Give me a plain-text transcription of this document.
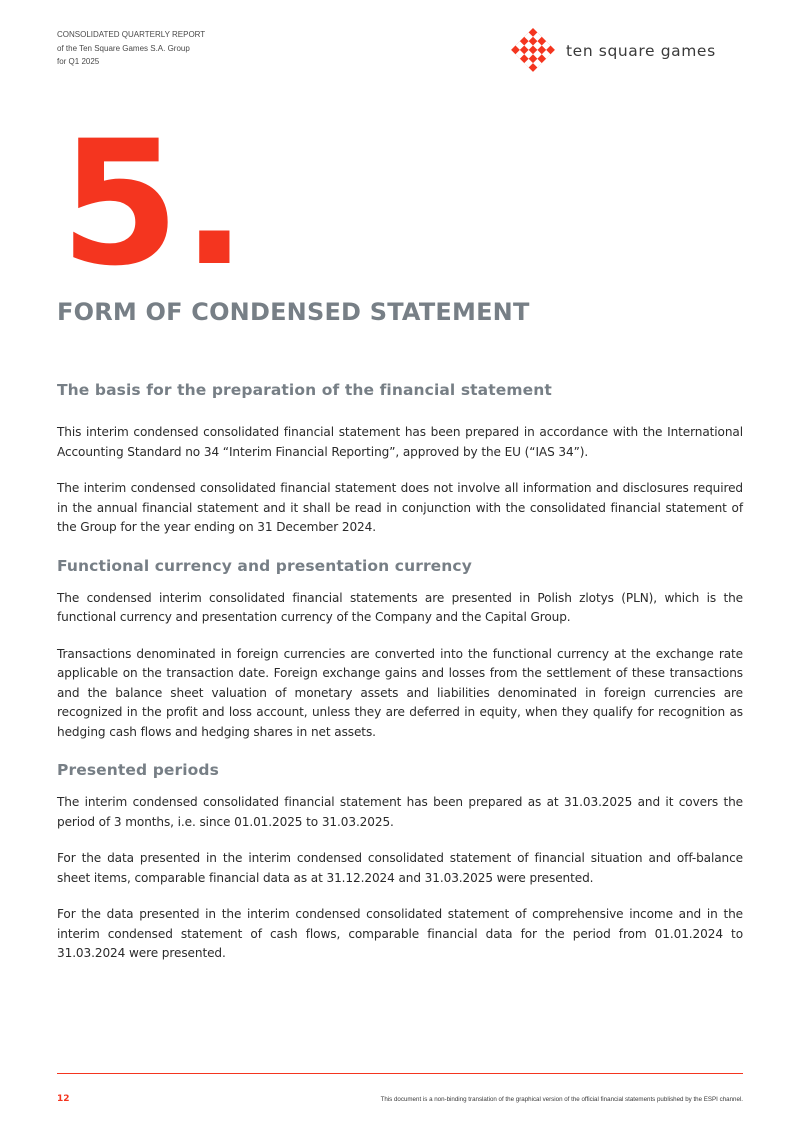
CONSOLIDATED QUARTERLY REPORT
of the Ten Square Games S.A. Group
for Q1 2025
ten square games
5.
FORM OF CONDENSED STATEMENT
The basis for the preparation of the financial statement

This interim condensed consolidated financial statement has been prepared in accordance with the International Accounting Standard no 34 “Interim Financial Reporting”, approved by the EU (“IAS 34”).

The interim condensed consolidated financial statement does not involve all information and disclosures required in the annual financial statement and it shall be read in conjunction with the consolidated financial statement of the Group for the year ending on 31 December 2024.

Functional currency and presentation currency

The condensed interim consolidated financial statements are presented in Polish zlotys (PLN), which is the functional currency and presentation currency of the Company and the Capital Group.

Transactions denominated in foreign currencies are converted into the functional currency at the exchange rate applicable on the transaction date. Foreign exchange gains and losses from the settlement of these transactions and the balance sheet valuation of monetary assets and liabilities denominated in foreign currencies are recognized in the profit and loss account, unless they are deferred in equity, when they qualify for recognition as hedging cash flows and hedging shares in net assets.

Presented periods

The interim condensed consolidated financial statement has been prepared as at 31.03.2025 and it covers the period of 3 months, i.e. since 01.01.2025 to 31.03.2025.

For the data presented in the interim condensed consolidated statement of financial situation and off-balance sheet items, comparable financial data as at 31.12.2024 and 31.03.2025 were presented.

For the data presented in the interim condensed consolidated statement of comprehensive income and in the interim condensed statement of cash flows, comparable financial data for the period from 01.01.2024 to 31.03.2024 were presented.

12	This document is a non-binding translation of the graphical version of the official financial statements published by the ESPI channel.
